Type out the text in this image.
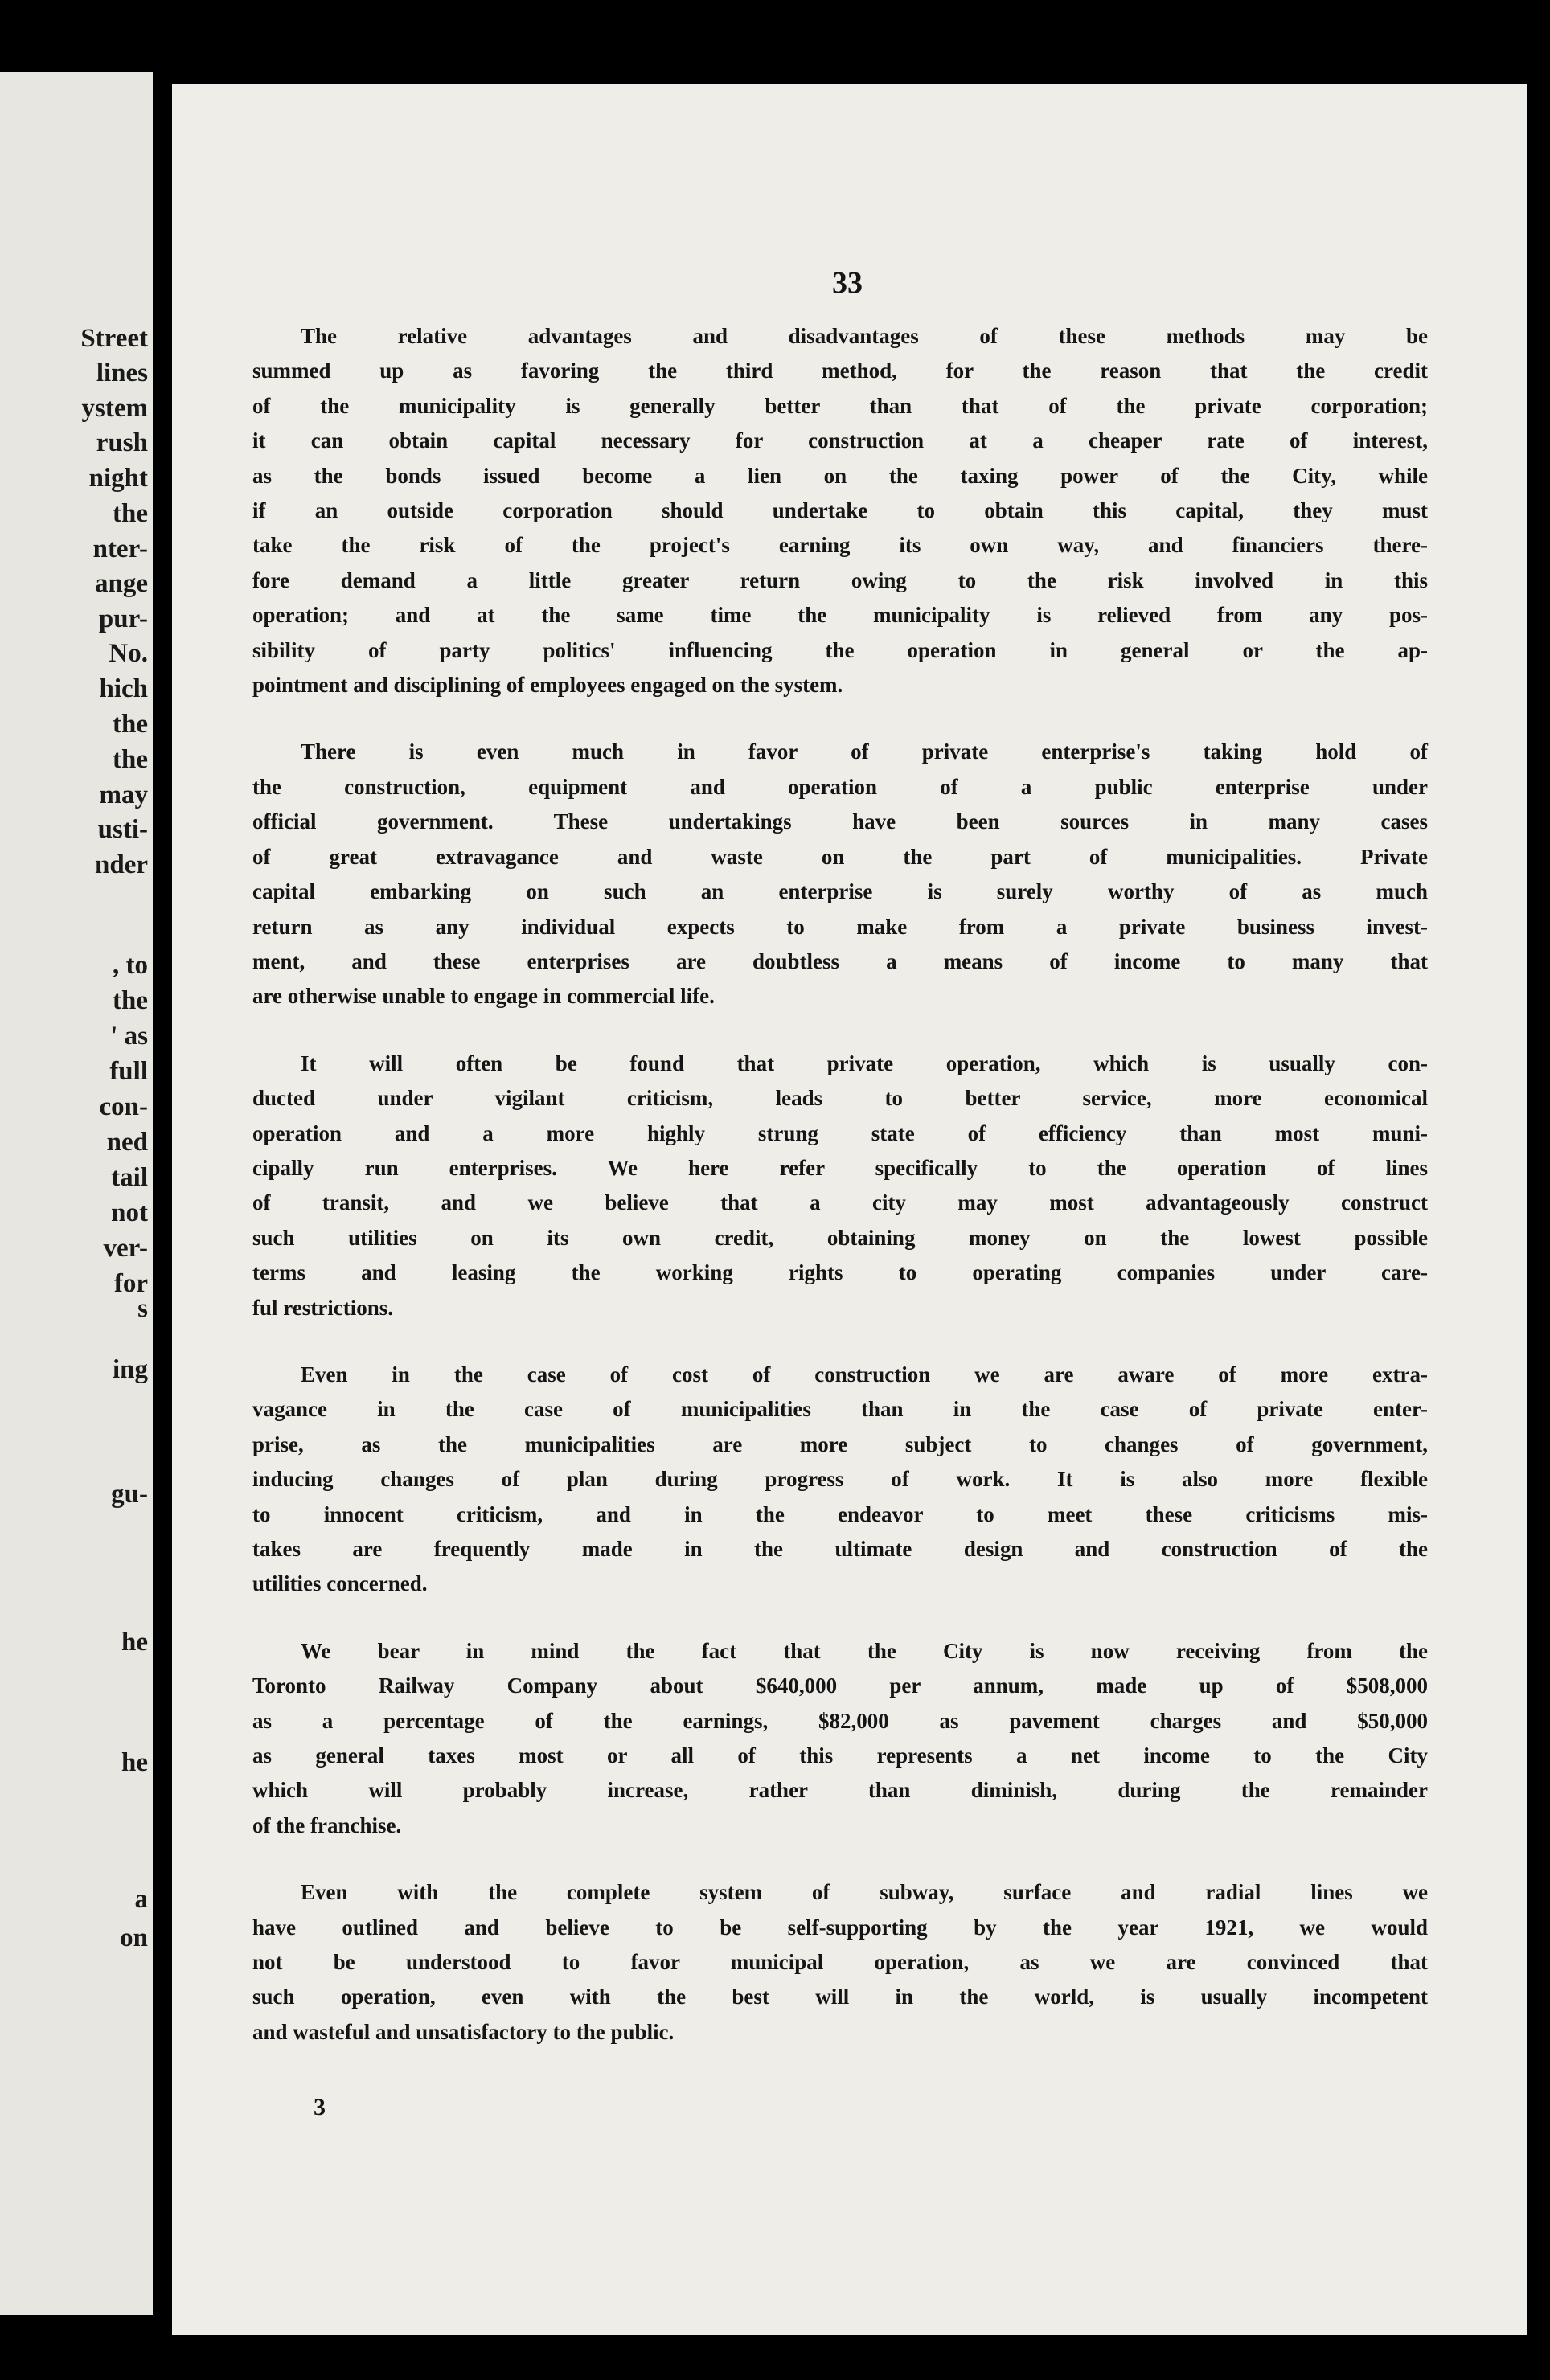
Street
lines
ystem
rush
night
the
nter-
ange
pur-
No.
hich
the
the
may
usti-
nder
, to
the
' as
full
con-
ned
tail
not
ver-
for
s
ing
gu-
he
he
a
on
33
The relative advantages and disadvantages of these methods may be
summed up as favoring the third method, for the reason that the credit
of the municipality is generally better than that of the private corporation;
it can obtain capital necessary for construction at a cheaper rate of interest,
as the bonds issued become a lien on the taxing power of the City, while
if an outside corporation should undertake to obtain this capital, they must
take the risk of the project's earning its own way, and financiers there-
fore demand a little greater return owing to the risk involved in this
operation; and at the same time the municipality is relieved from any pos-
sibility of party politics' influencing the operation in general or the ap-
pointment and disciplining of employees engaged on the system.
There is even much in favor of private enterprise's taking hold of
the construction, equipment and operation of a public enterprise under
official government. These undertakings have been sources in many cases
of great extravagance and waste on the part of municipalities. Private
capital embarking on such an enterprise is surely worthy of as much
return as any individual expects to make from a private business invest-
ment, and these enterprises are doubtless a means of income to many that
are otherwise unable to engage in commercial life.
It will often be found that private operation, which is usually con-
ducted under vigilant criticism, leads to better service, more economical
operation and a more highly strung state of efficiency than most muni-
cipally run enterprises. We here refer specifically to the operation of lines
of transit, and we believe that a city may most advantageously construct
such utilities on its own credit, obtaining money on the lowest possible
terms and leasing the working rights to operating companies under care-
ful restrictions.
Even in the case of cost of construction we are aware of more extra-
vagance in the case of municipalities than in the case of private enter-
prise, as the municipalities are more subject to changes of government,
inducing changes of plan during progress of work. It is also more flexible
to innocent criticism, and in the endeavor to meet these criticisms mis-
takes are frequently made in the ultimate design and construction of the
utilities concerned.
We bear in mind the fact that the City is now receiving from the
Toronto Railway Company about $640,000 per annum, made up of $508,000
as a percentage of the earnings, $82,000 as pavement charges and $50,000
as general taxes most or all of this represents a net income to the City
which will probably increase, rather than diminish, during the remainder
of the franchise.
Even with the complete system of subway, surface and radial lines we
have outlined and believe to be self-supporting by the year 1921, we would
not be understood to favor municipal operation, as we are convinced that
such operation, even with the best will in the world, is usually incompetent
and wasteful and unsatisfactory to the public.
3
